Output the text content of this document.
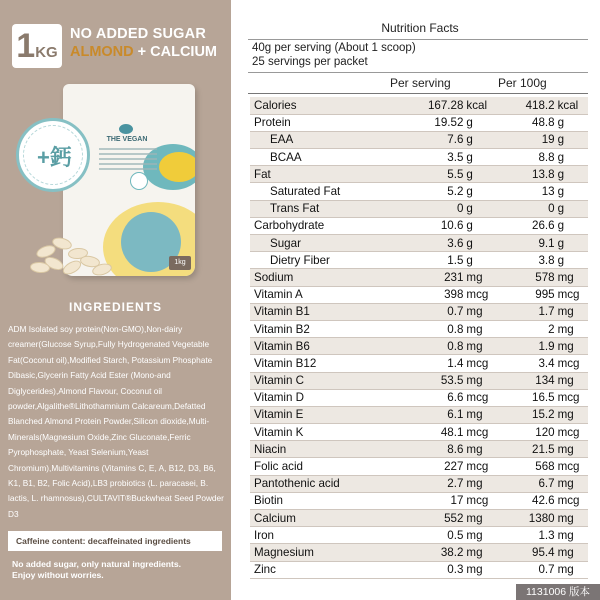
1 KG
NO ADDED SUGAR
ALMOND + CALCIUM
THE VEGAN
1kg
+鈣
INGREDIENTS
ADM Isolated soy protein(Non-GMO),Non-dairy creamer(Glucose Syrup,Fully Hydrogenated Vegetable Fat(Coconut oil),Modified Starch, Potassium Phosphate Dibasic,Glycerin Fatty Acid Ester (Mono-and Diglycerides),Almond Flavour, Coconut oil powder,Algalithe®Lithothamnium Calcareum,Defatted Blanched Almond Protein Powder,Silicon dioxide,Multi-Minerals(Magnesium Oxide,Zinc Gluconate,Ferric Pyrophosphate, Yeast Selenium,Yeast Chromium),Multivitamins (Vitamins C, E, A, B12, D3, B6, K1, B1, B2, Folic Acid),LB3 probiotics (L. paracasei, B. lactis, L. rhamnosus),CULTAVIT®Buckwheat Seed Powder D3
Caffeine content: decaffeinated ingredients
No added sugar, only natural ingredients.
Enjoy without worries.
Nutrition Facts
40g per serving (About 1 scoop)
25 servings per packet
Per serving	Per 100g
Calories	167.28	kcal	418.2	kcal
Protein	19.52	g	48.8	g
EAA	7.6	g	19	g
BCAA	3.5	g	8.8	g
Fat	5.5	g	13.8	g
Saturated Fat	5.2	g	13	g
Trans Fat	0	g	0	g
Carbohydrate	10.6	g	26.6	g
Sugar	3.6	g	9.1	g
Dietry Fiber	1.5	g	3.8	g
Sodium	231	mg	578	mg
Vitamin A	398	mcg	995	mcg
Vitamin B1	0.7	mg	1.7	mg
Vitamin B2	0.8	mg	2	mg
Vitamin B6	0.8	mg	1.9	mg
Vitamin B12	1.4	mcg	3.4	mcg
Vitamin C	53.5	mg	134	mg
Vitamin D	6.6	mcg	16.5	mcg
Vitamin E	6.1	mg	15.2	mg
Vitamin K	48.1	mcg	120	mcg
Niacin	8.6	mg	21.5	mg
Folic acid	227	mcg	568	mcg
Pantothenic acid	2.7	mg	6.7	mg
Biotin	17	mcg	42.6	mcg
Calcium	552	mg	1380	mg
Iron	0.5	mg	1.3	mg
Magnesium	38.2	mg	95.4	mg
Zinc	0.3	mg	0.7	mg
1131006 版本
